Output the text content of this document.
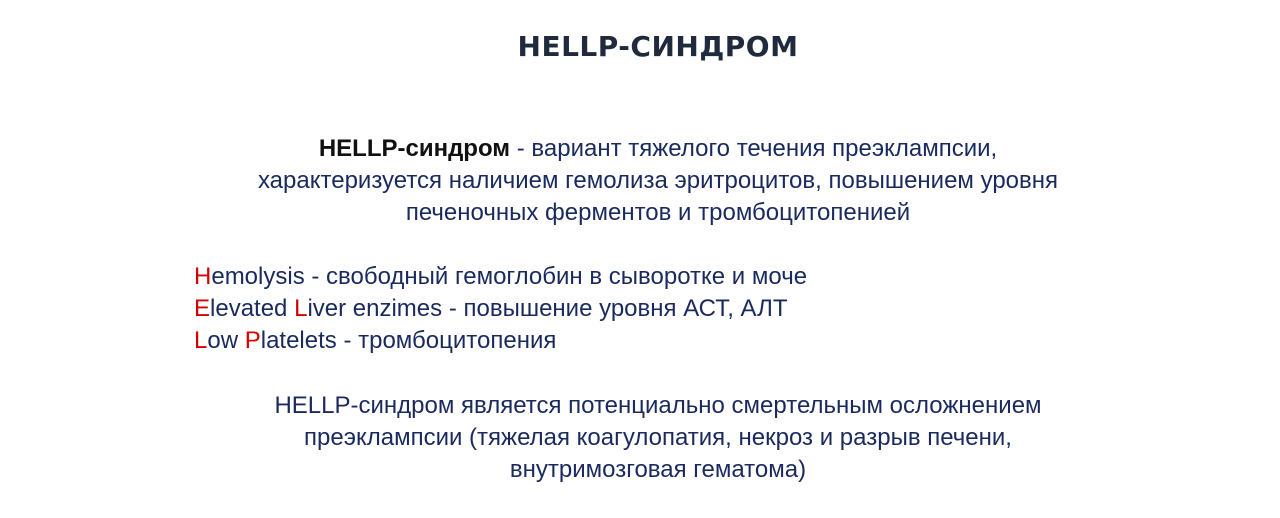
HELLP-СИНДРОМ
HELLP-синдром - вариант тяжелого течения преэклампсии,
характеризуется наличием гемолиза эритроцитов, повышением уровня
печеночных ферментов и тромбоцитопенией
Hemolysis - свободный гемоглобин в сыворотке и моче
Elevated Liver enzimes - повышение уровня АСТ, АЛТ
Low Platelets - тромбоцитопения
HELLP-синдром является потенциально смертельным осложнением
преэклампсии (тяжелая коагулопатия, некроз и разрыв печени,
внутримозговая гематома)
